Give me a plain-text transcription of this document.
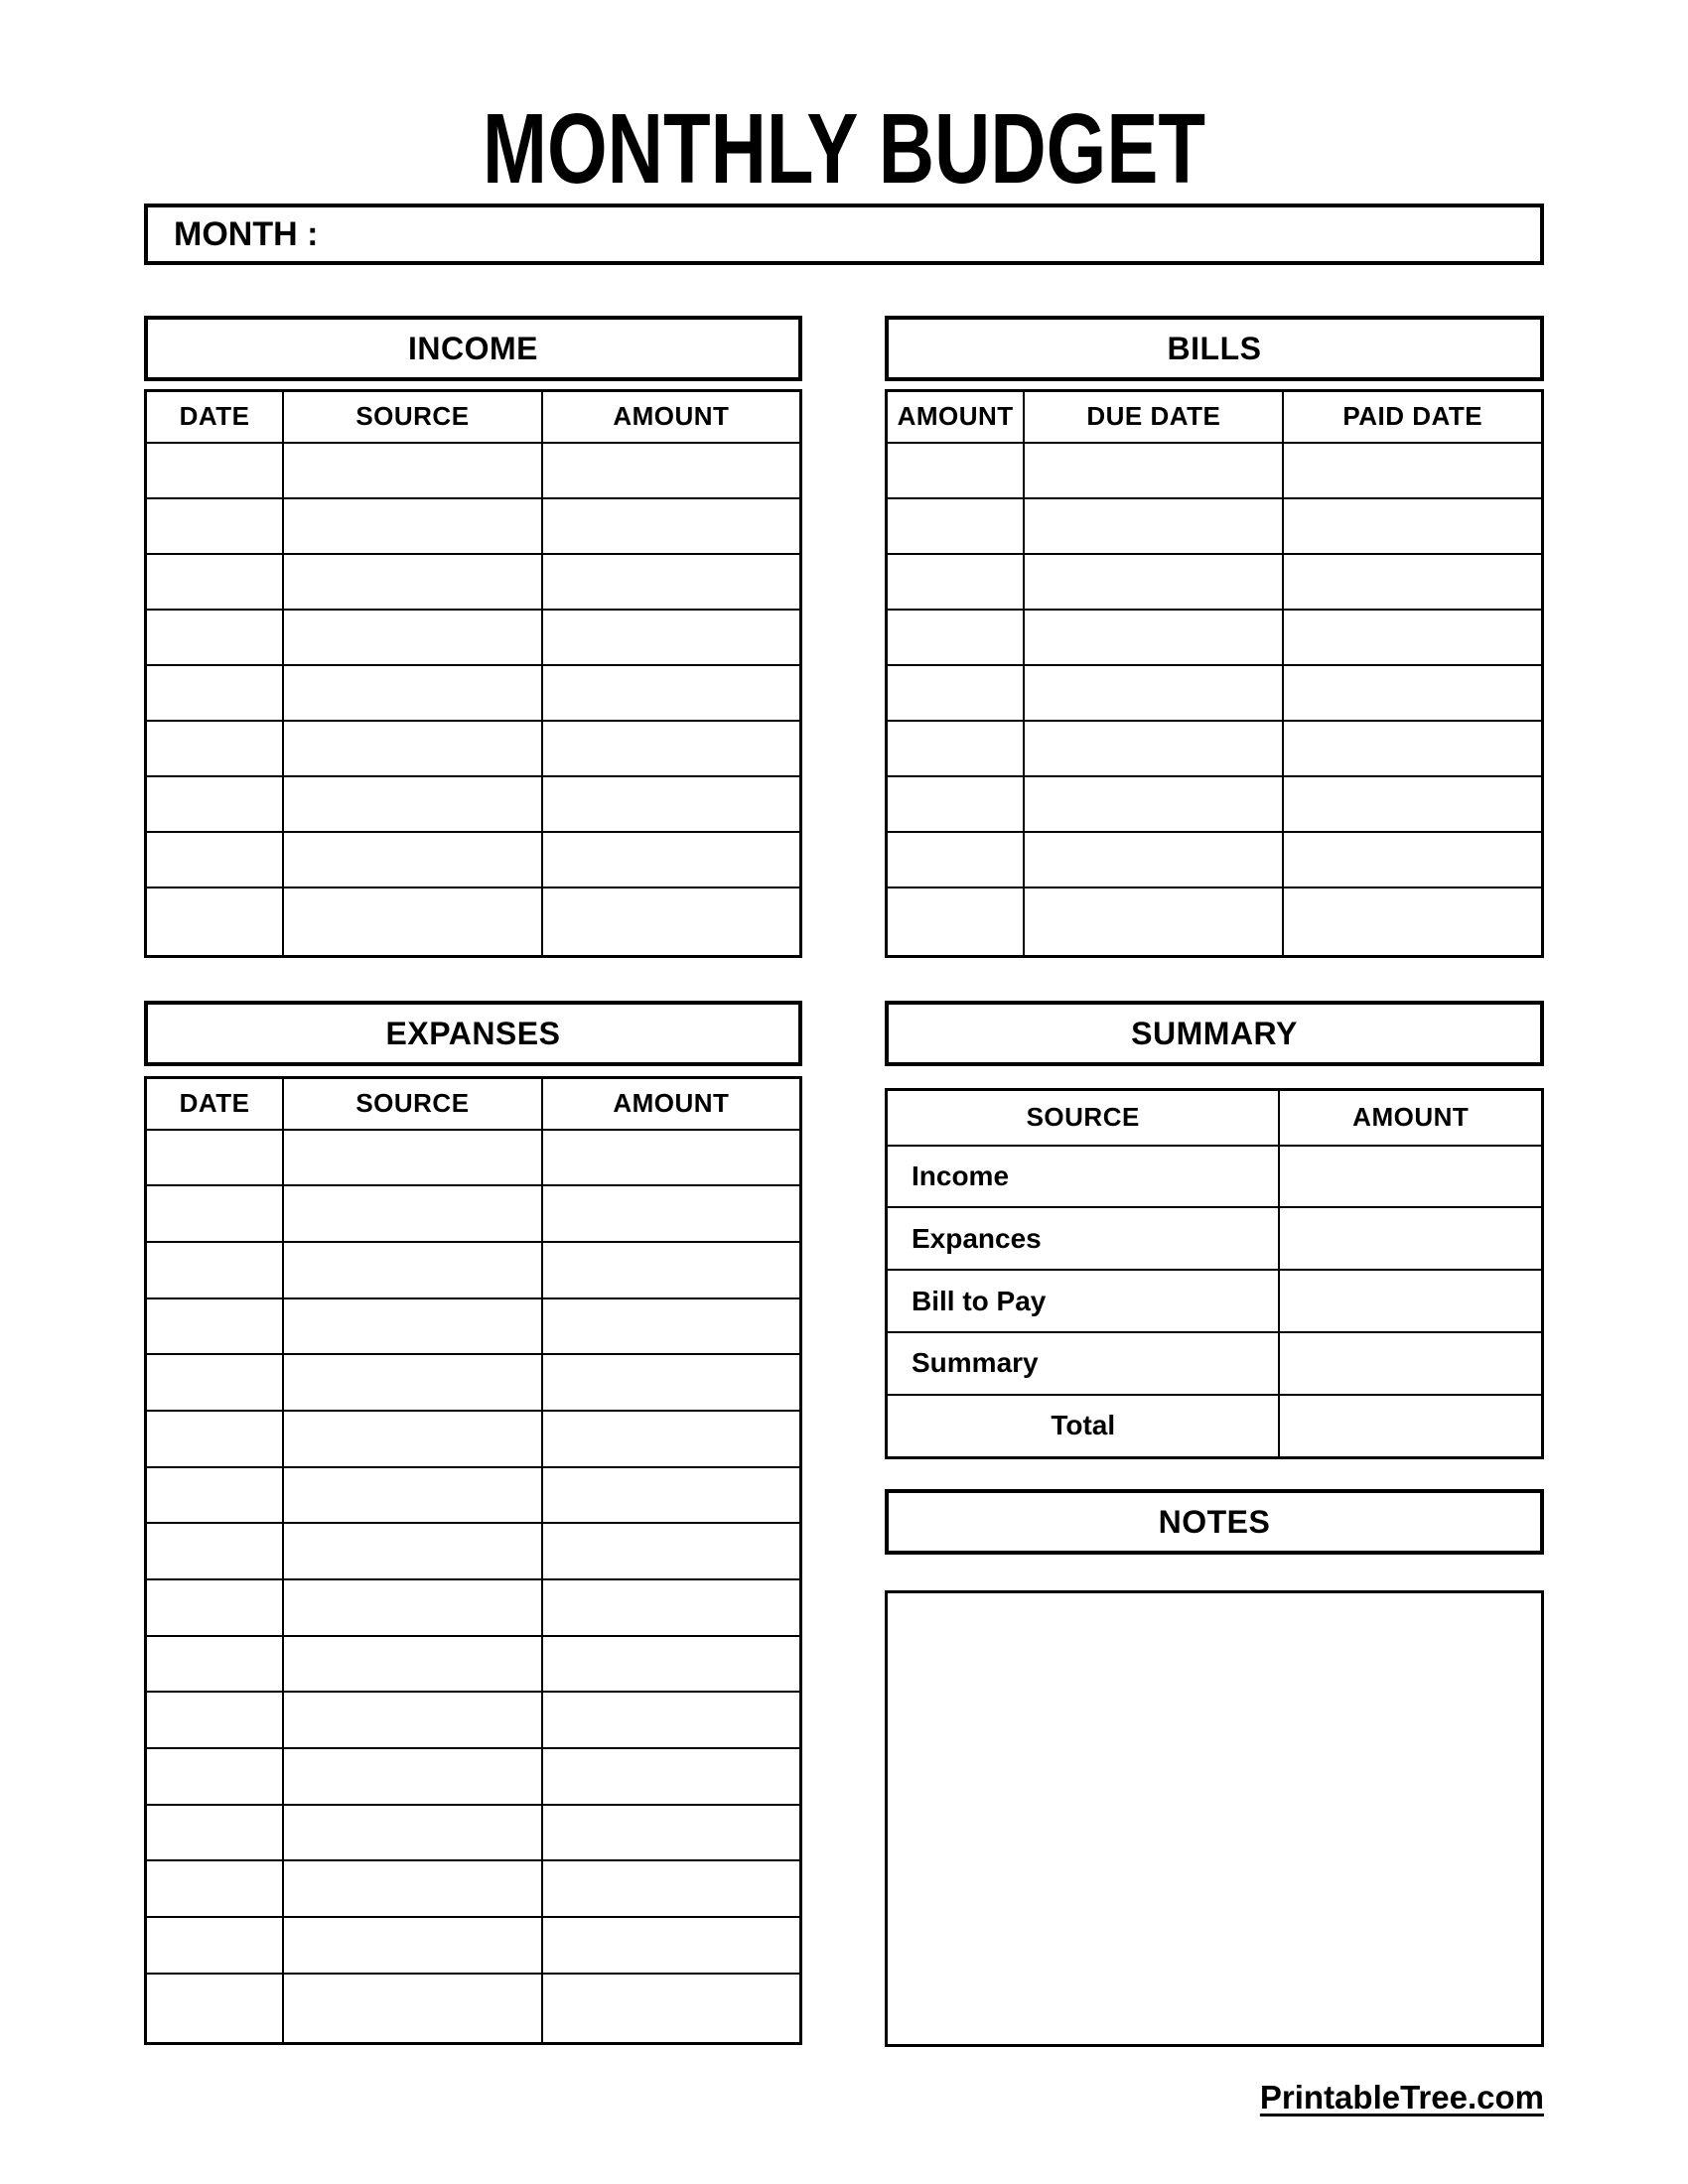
MONTHLY BUDGET
MONTH :
INCOME
DATE	SOURCE	AMOUNT

BILLS
AMOUNT	DUE DATE	PAID DATE

EXPANSES
DATE	SOURCE	AMOUNT

SUMMARY
SOURCE	AMOUNT
Income	
Expances	
Bill to Pay	
Summary	
Total	
NOTES
PrintableTree.com
